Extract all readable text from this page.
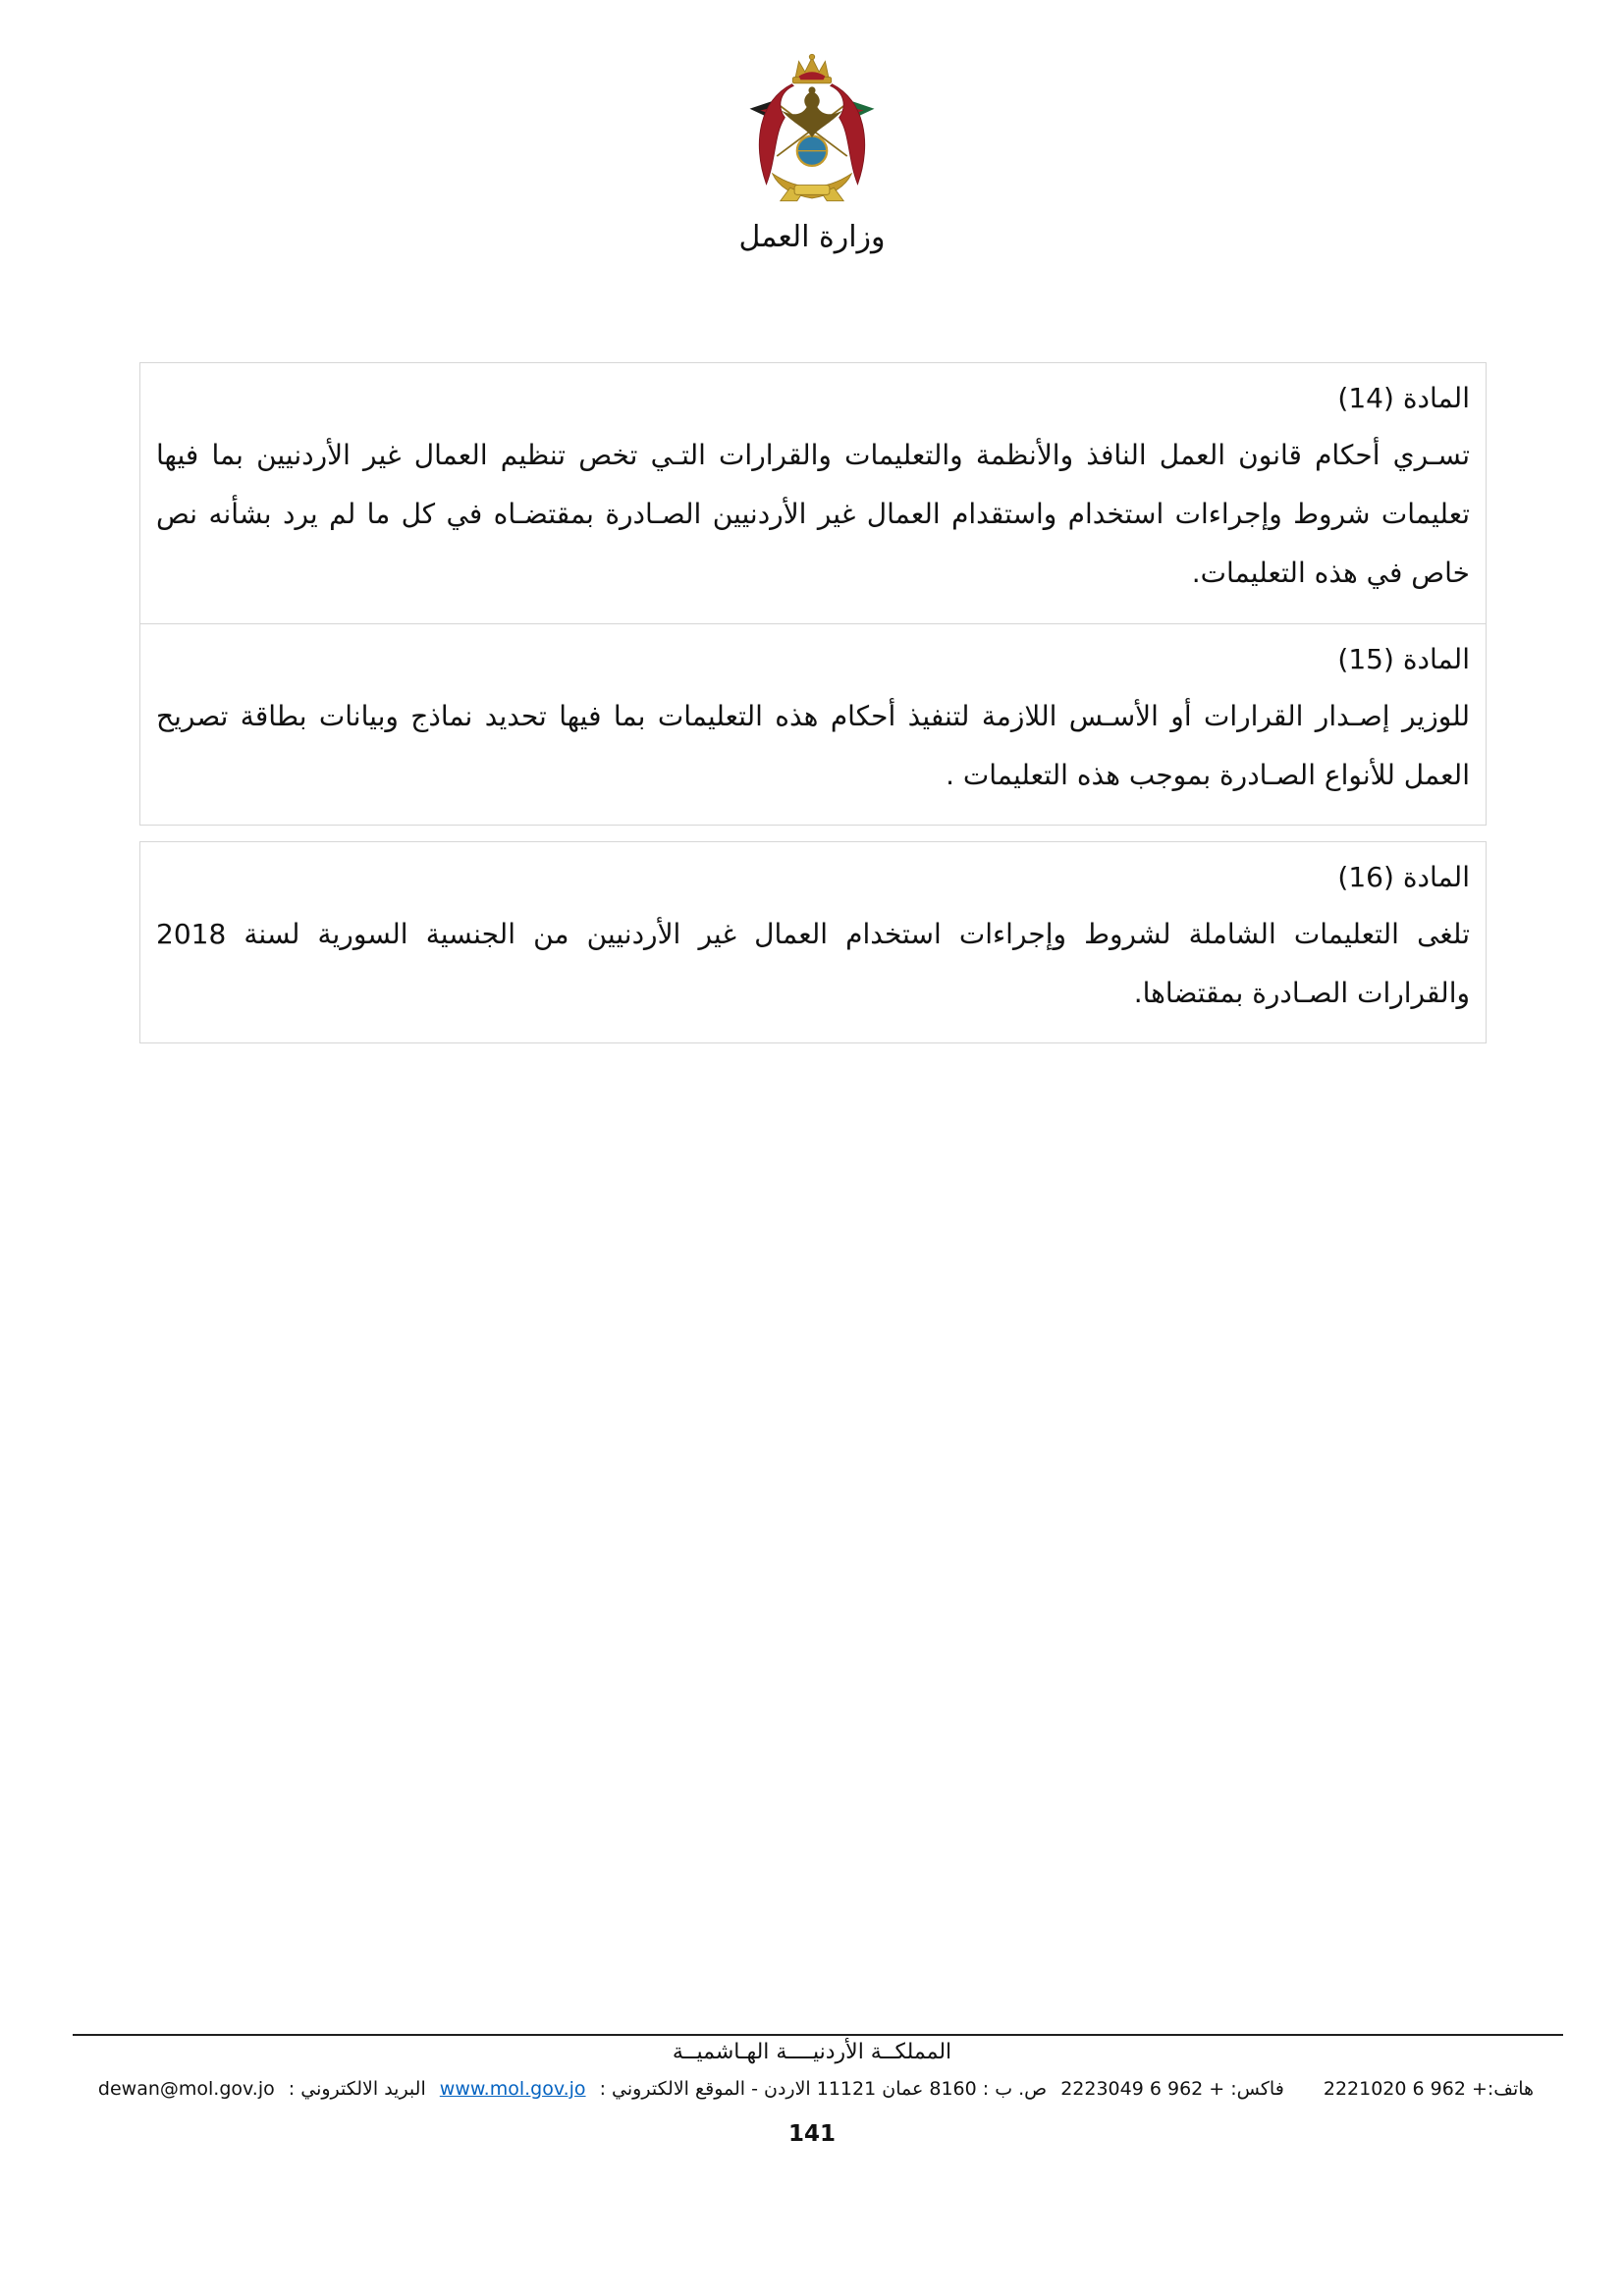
وزارة العمل
المادة (14)

تسـري أحكام قانون العمل النافذ والأنظمة والتعليمات والقرارات التـي تخص تنظيم العمال غير الأردنيين بما فيها تعليمات شروط وإجراءات استخدام واستقدام العمال غير الأردنيين الصـادرة بمقتضـاه في كل ما لم يرد بشأنه نص خاص في هذه التعليمات.

المادة (15)

للوزير إصـدار القرارات أو الأسـس اللازمة لتنفيذ أحكام هذه التعليمات بما فيها تحديد نماذج وبيانات بطاقة تصريح العمل للأنواع الصـادرة بموجب هذه التعليمات .

المادة (16)

تلغى التعليمات الشاملة لشروط وإجراءات استخدام العمال غير الأردنيين من الجنسية السورية لسنة 2018 والقرارات الصـادرة بمقتضاها.

المملكــة الأردنيــــة الهـاشميــة
هاتف:+ 962 6 2221020 فاكس: + 962 6 2223049 ص. ب : 8160 عمان 11121 الاردن - الموقع الالكتروني : www.mol.gov.jo البريد الالكتروني : dewan@mol.gov.jo
141
